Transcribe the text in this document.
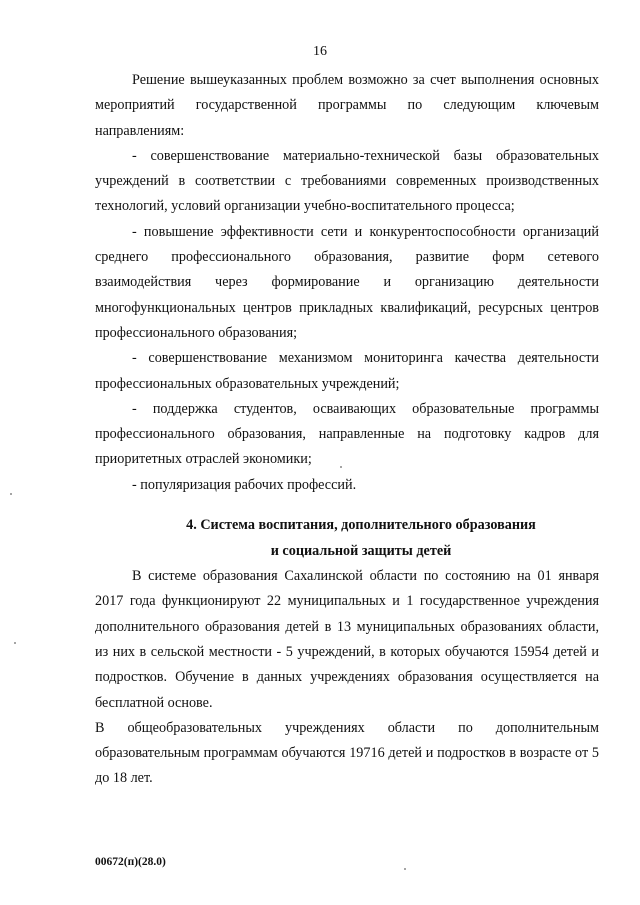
16

Решение вышеуказанных проблем возможно за счет выполнения основных мероприятий государственной программы по следующим ключевым направлениям:

- совершенствование материально-технической базы образовательных учреждений в соответствии с требованиями современных производственных технологий, условий организации учебно-воспитательного процесса;

- повышение эффективности сети и конкурентоспособности организаций среднего профессионального образования, развитие форм сетевого взаимодействия через формирование и организацию деятельности многофункциональных центров прикладных квалификаций, ресурсных центров профессионального образования;

- совершенствование механизмом мониторинга качества деятельности профессиональных образовательных учреждений;

- поддержка студентов, осваивающих образовательные программы профессионального образования, направленные на подготовку кадров для приоритетных отраслей экономики;

- популяризация рабочих профессий.

4. Система воспитания, дополнительного образования
и социальной защиты детей

В системе образования Сахалинской области по состоянию на 01 января 2017 года функционируют 22 муниципальных и 1 государственное учреждения дополнительного образования детей в 13 муниципальных образованиях области, из них в сельской местности - 5 учреждений, в которых обучаются 15954 детей и подростков. Обучение в данных учреждениях образования осуществляется на бесплатной основе.

В общеобразовательных учреждениях области по дополнительным образовательным программам обучаются 19716 детей и подростков в возрасте от 5 до 18 лет.

00672(п)(28.0)
